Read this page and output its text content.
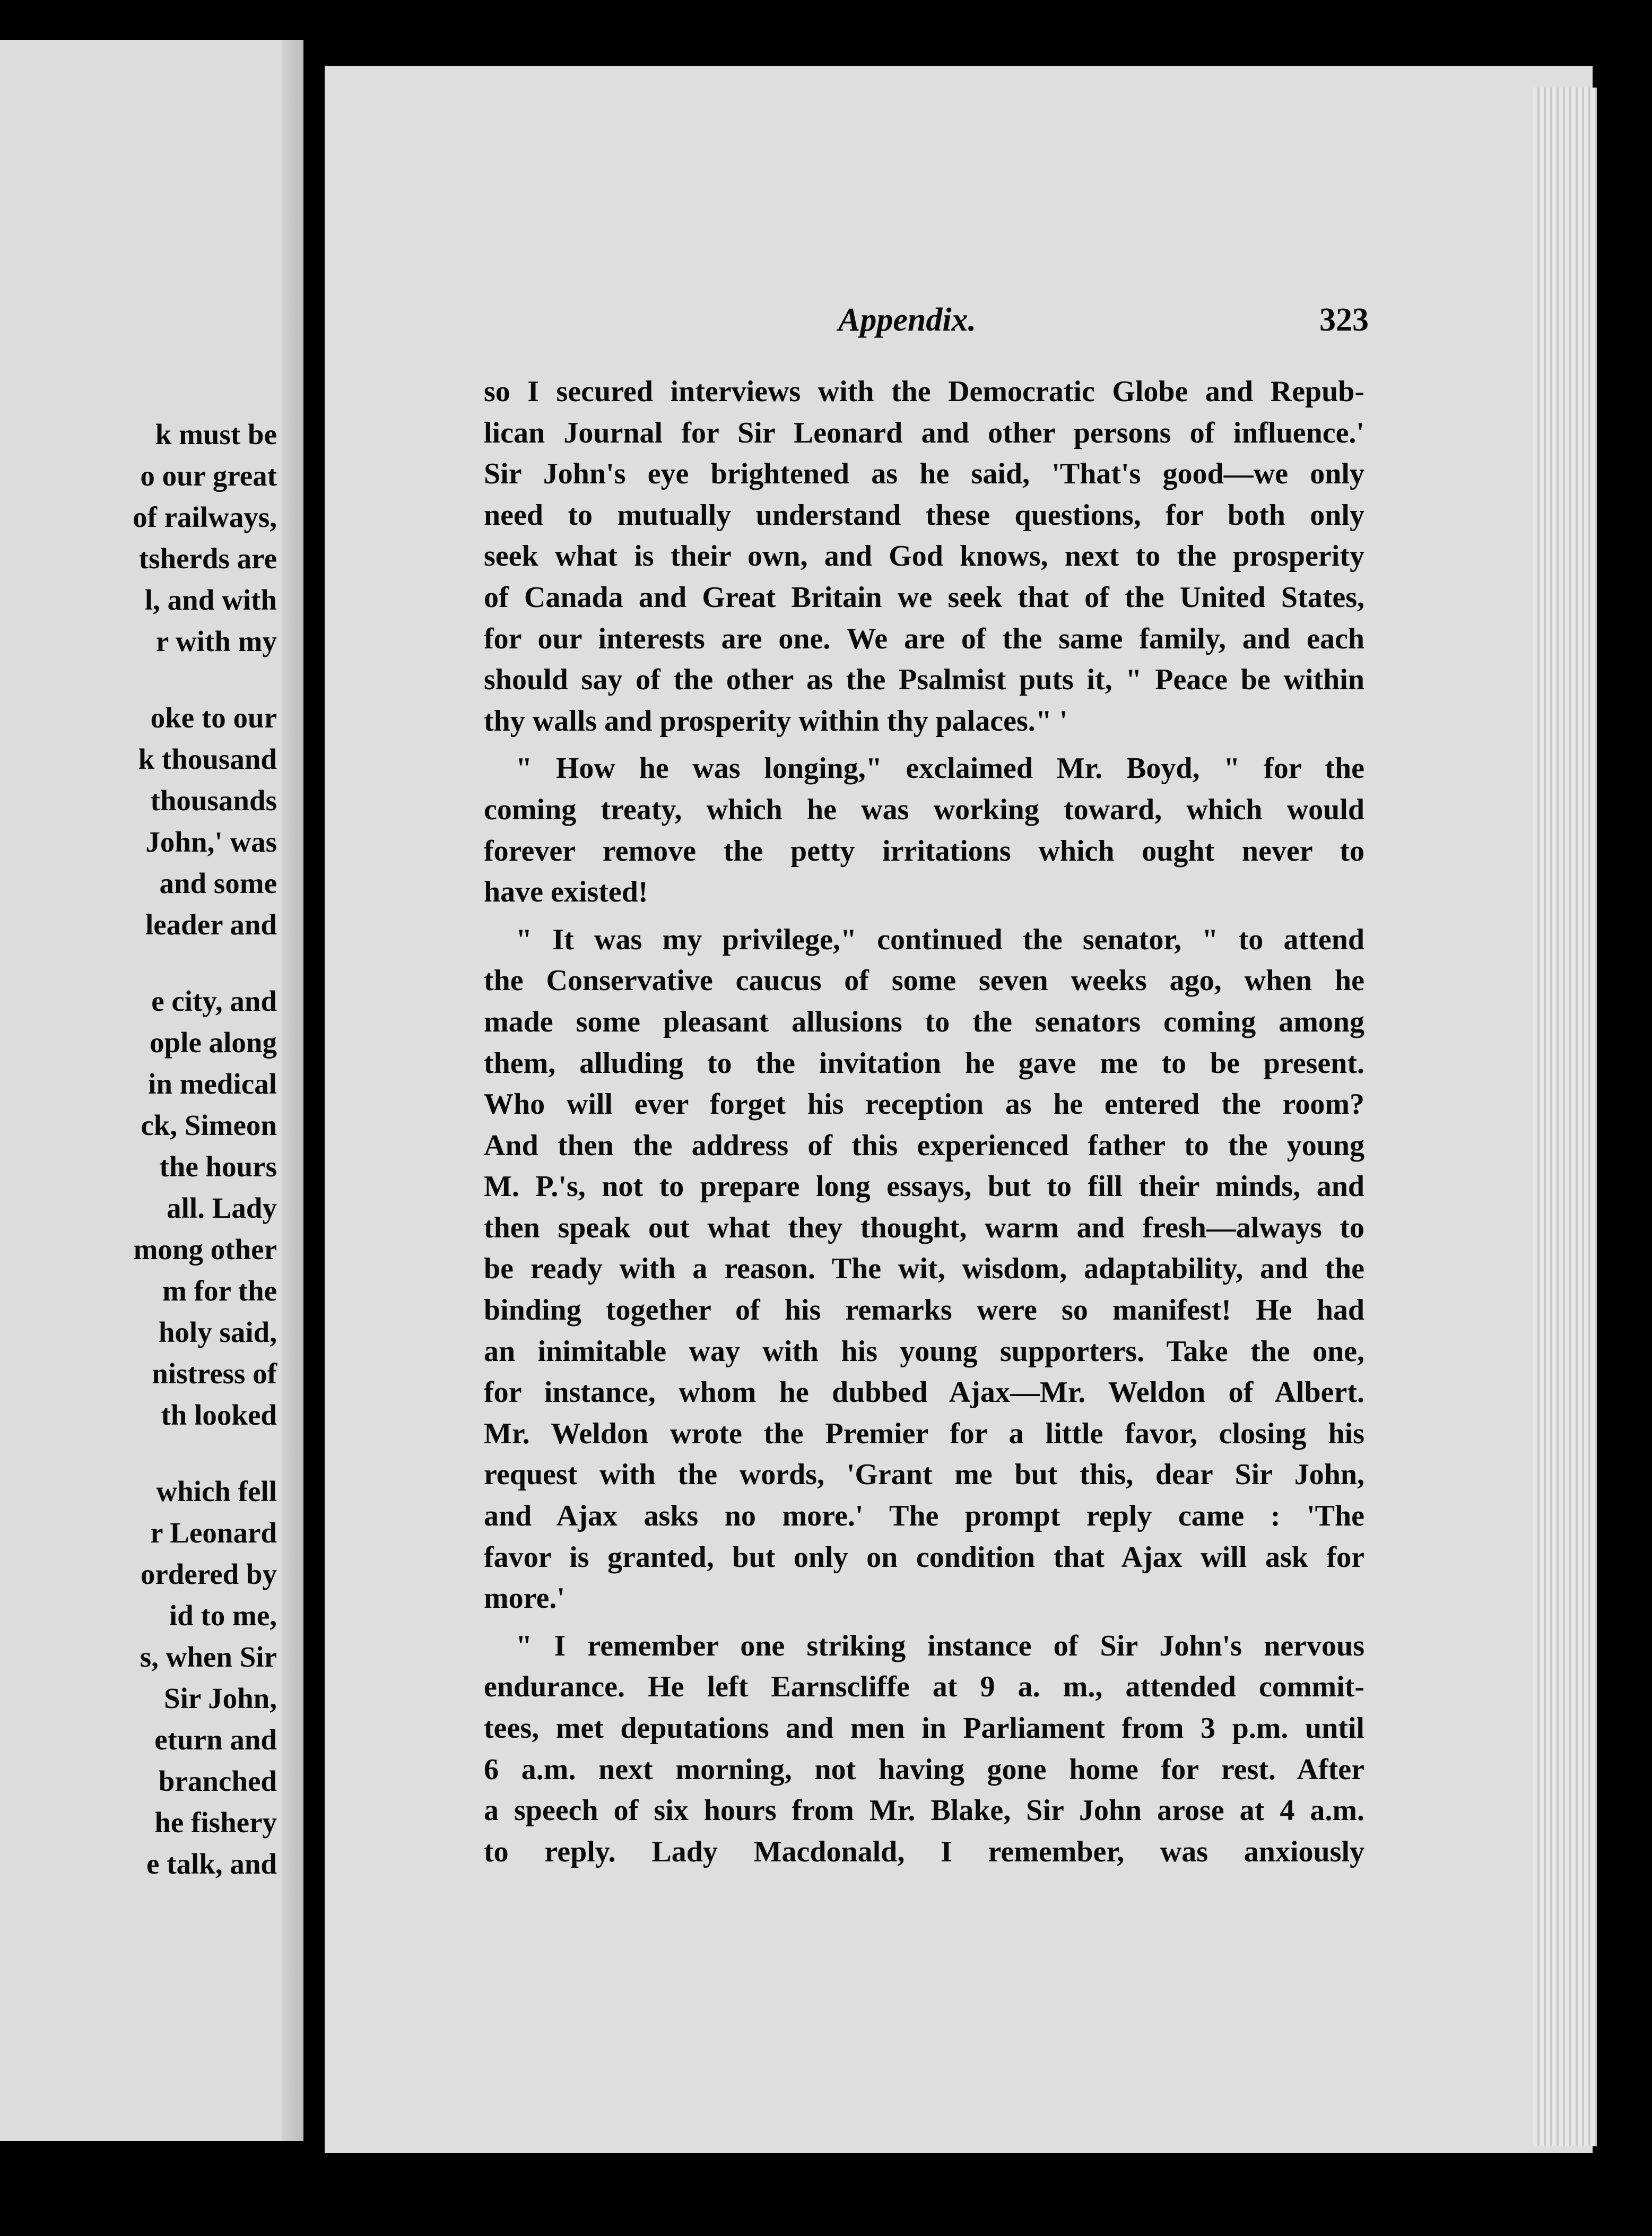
k must be
o our great
of railways,
tsherds are
l, and with
r with my
oke to our
k thousand
thousands
John,' was
and some
leader and
e city, and
ople along
in medical
ck, Simeon
the hours
all. Lady
mong other
m for the
holy said,
nistress of
th looked
which fell
r Leonard
ordered by
id to me,
s, when Sir
Sir John,
eturn and
branched
he fishery
e talk, and
Appendix.	323
so I secured interviews with the Democratic Globe and Repub-
lican Journal for Sir Leonard and other persons of influence.'
Sir John's eye brightened as he said, 'That's good—we only
need to mutually understand these questions, for both only
seek what is their own, and God knows, next to the prosperity
of Canada and Great Britain we seek that of the United States,
for our interests are one. We are of the same family, and each
should say of the other as the Psalmist puts it, " Peace be within
thy walls and prosperity within thy palaces." '
" How he was longing," exclaimed Mr. Boyd, " for the
coming treaty, which he was working toward, which would
forever remove the petty irritations which ought never to
have existed!
" It was my privilege," continued the senator, " to attend
the Conservative caucus of some seven weeks ago, when he
made some pleasant allusions to the senators coming among
them, alluding to the invitation he gave me to be present.
Who will ever forget his reception as he entered the room?
And then the address of this experienced father to the young
M. P.'s, not to prepare long essays, but to fill their minds, and
then speak out what they thought, warm and fresh—always to
be ready with a reason. The wit, wisdom, adaptability, and the
binding together of his remarks were so manifest! He had
an inimitable way with his young supporters. Take the one,
for instance, whom he dubbed Ajax—Mr. Weldon of Albert.
Mr. Weldon wrote the Premier for a little favor, closing his
request with the words, 'Grant me but this, dear Sir John,
and Ajax asks no more.' The prompt reply came : 'The
favor is granted, but only on condition that Ajax will ask for
more.'
" I remember one striking instance of Sir John's nervous
endurance. He left Earnscliffe at 9 a. m., attended commit-
tees, met deputations and men in Parliament from 3 p.m. until
6 a.m. next morning, not having gone home for rest. After
a speech of six hours from Mr. Blake, Sir John arose at 4 a.m.
to reply. Lady Macdonald, I remember, was anxiously
